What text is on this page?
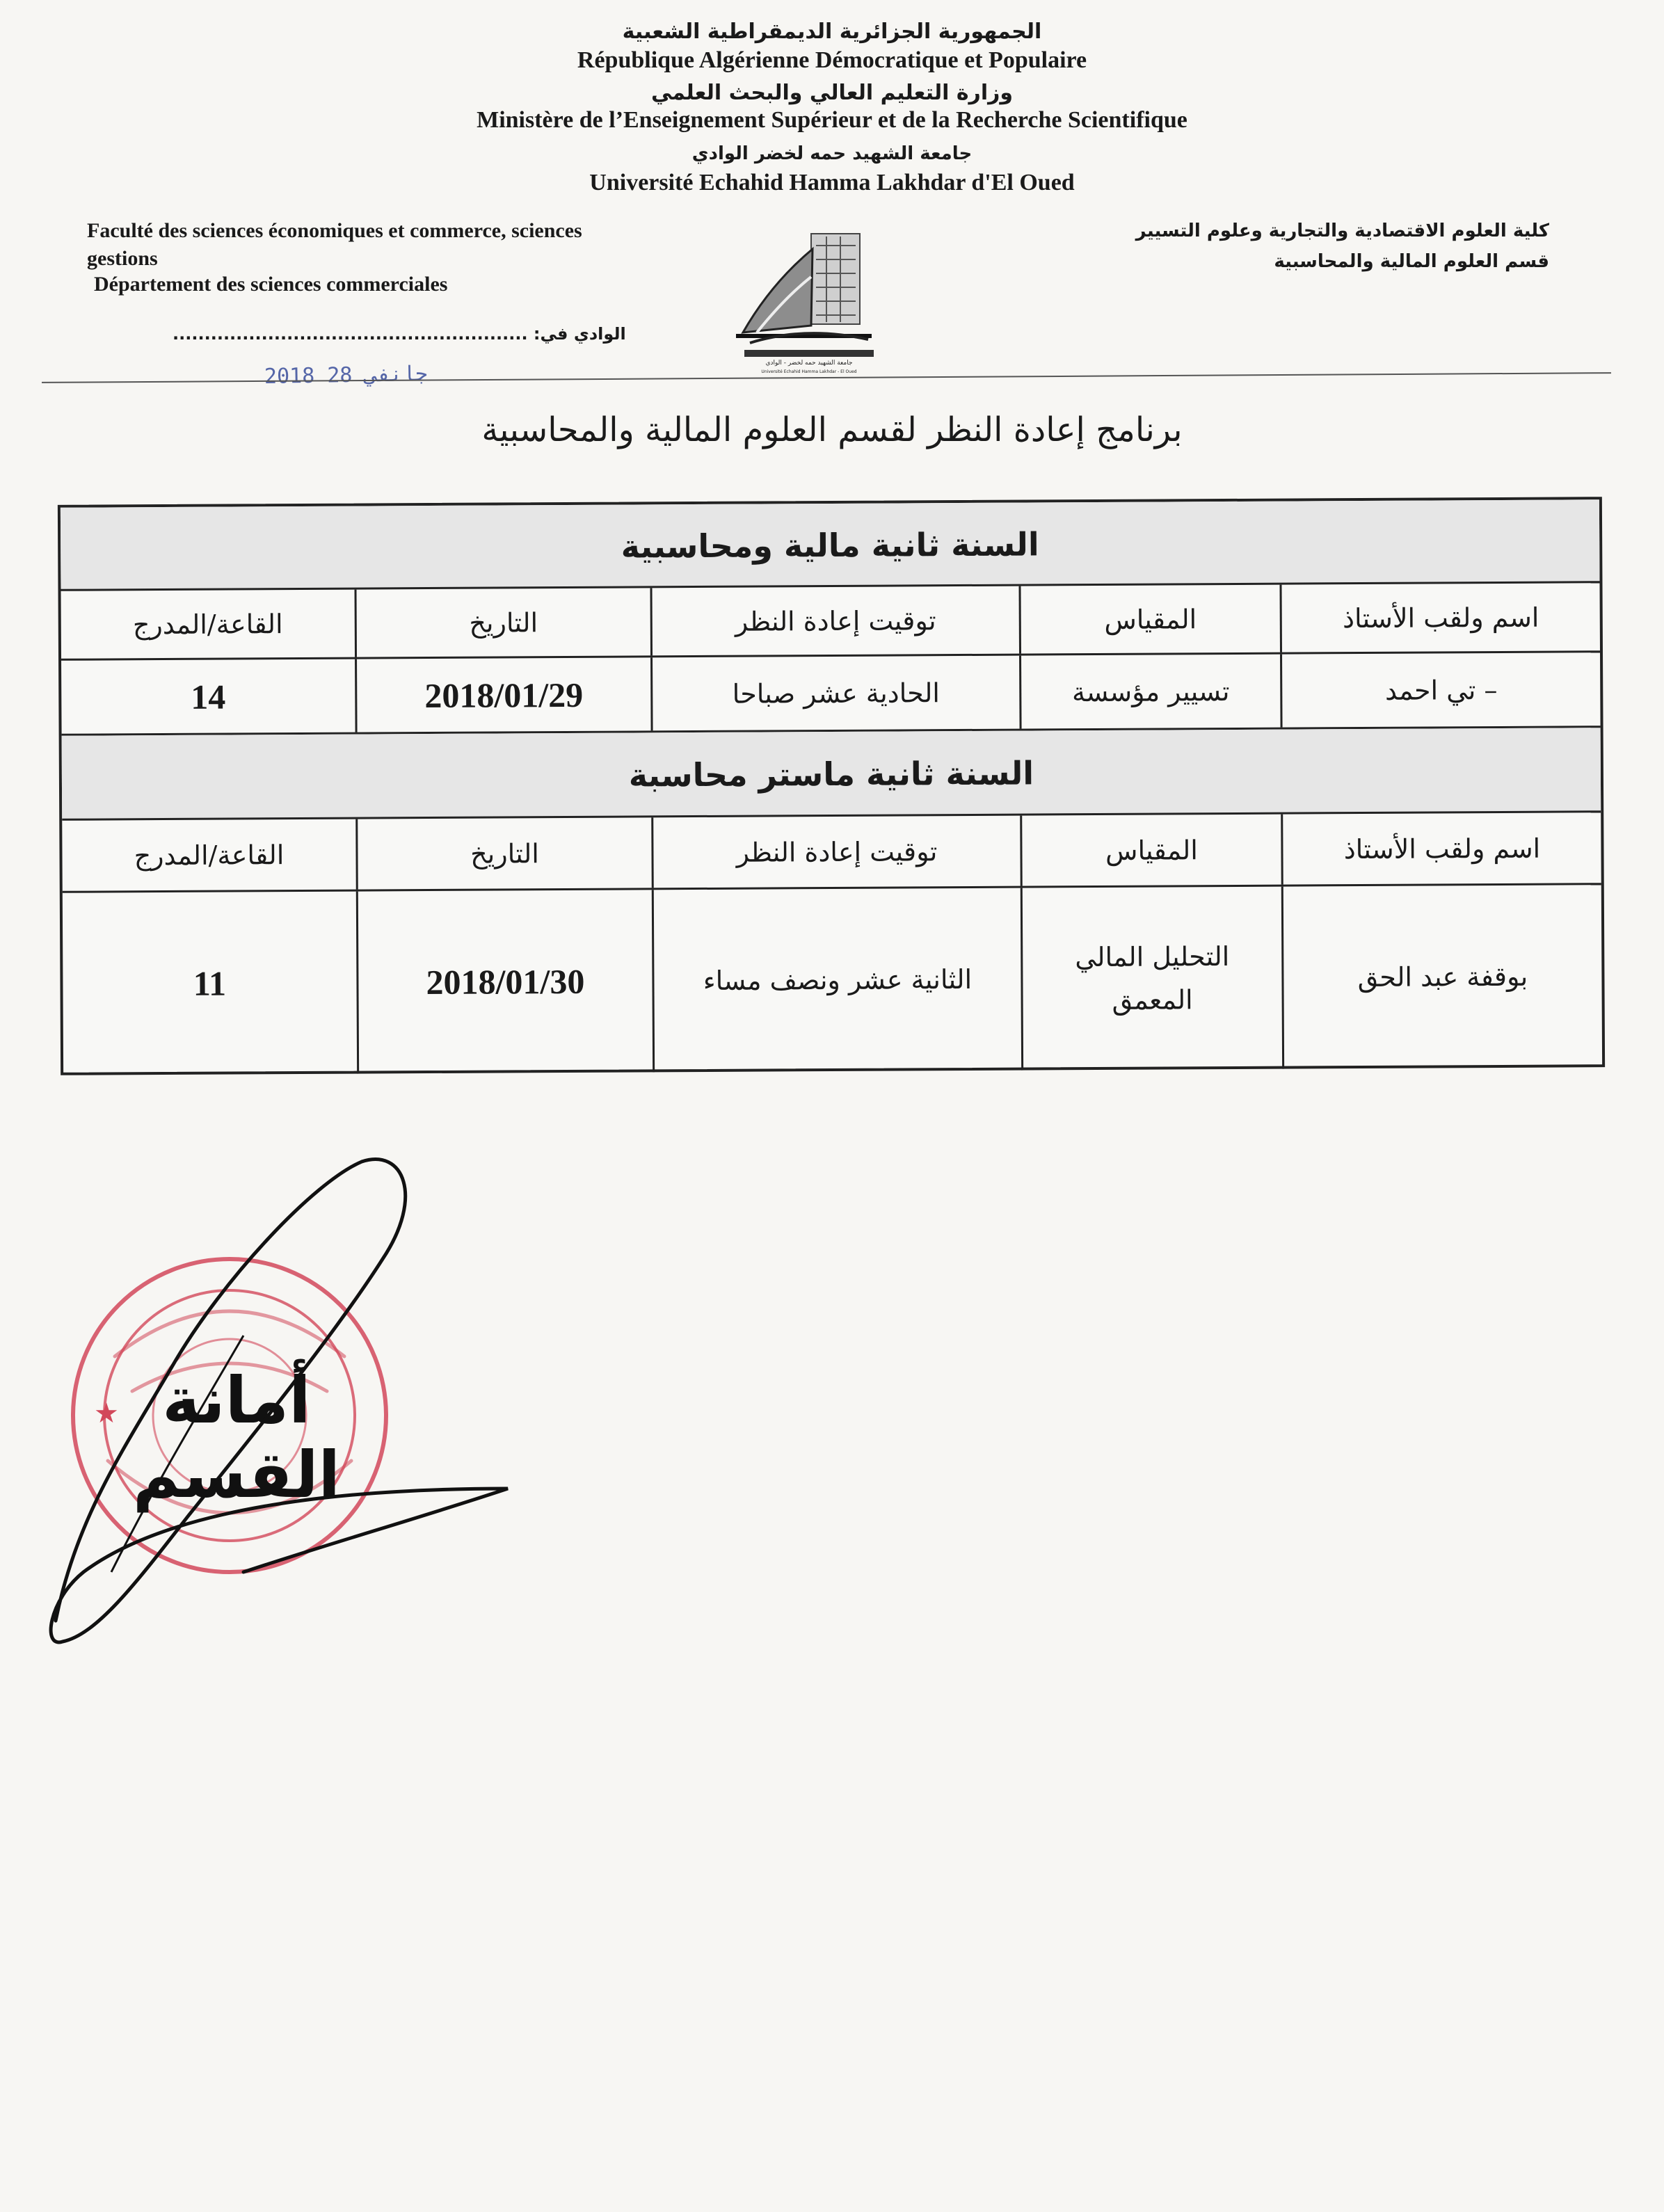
الجمهورية الجزائرية الديمقراطية الشعبية
République Algérienne Démocratique et Populaire
وزارة التعليم العالي والبحث العلمي
Ministère de l’Enseignement Supérieur et de la Recherche Scientifique
جامعة الشهيد حمه لخضر الوادي
Université Echahid Hamma Lakhdar d'El Oued
Faculté des sciences économiques et commerce, sciences
gestions
Département des sciences commerciales
كلية العلوم الاقتصادية والتجارية وعلوم التسيير
قسم العلوم المالية والمحاسبية
جامعة الشهيد حمه لخضر - الوادي
Université Echahid Hamma Lakhdar - El Oued
الوادي في: ........................................................
2018 جانفي 28
برنامج إعادة النظر لقسم العلوم المالية والمحاسبية
السنة ثانية مالية ومحاسبية
اسم ولقب الأستاذ
المقياس
توقيت إعادة النظر
التاريخ
القاعة/المدرج
– تي احمد
تسيير مؤسسة
الحادية عشر صباحا
2018/01/29
14
السنة ثانية ماستر محاسبة
اسم ولقب الأستاذ
المقياس
توقيت إعادة النظر
التاريخ
القاعة/المدرج
بوقفة عبد الحق
التحليل المالي
المعمق
الثانية عشر ونصف مساء
2018/01/30
11
★ أمانة القسم
